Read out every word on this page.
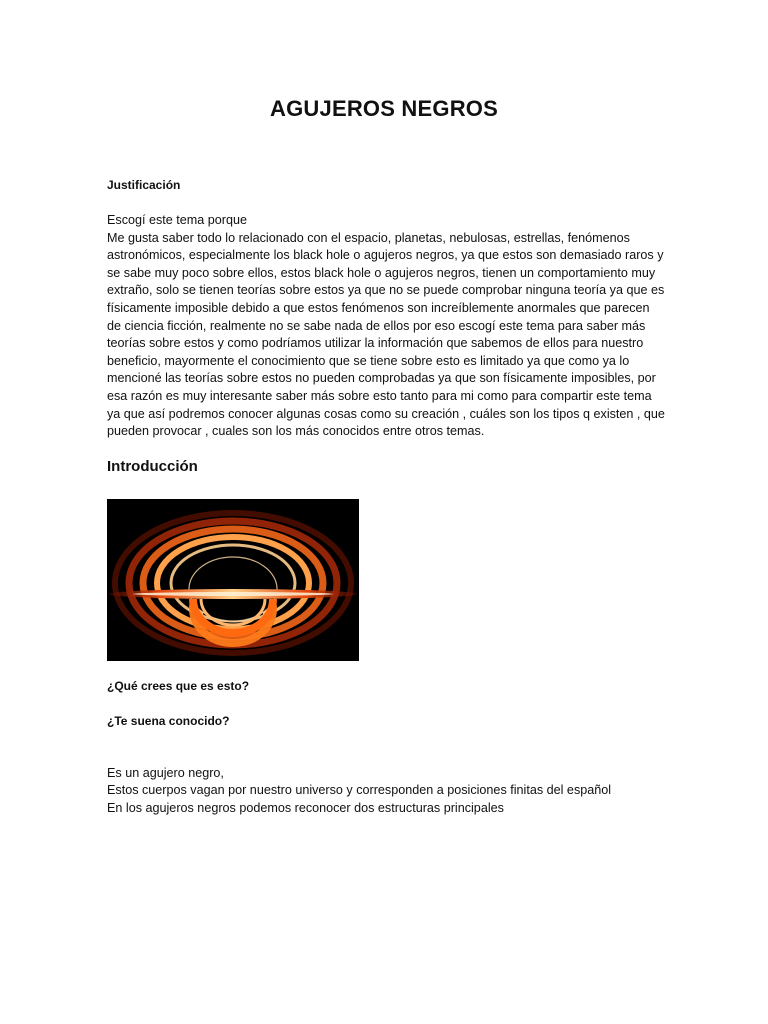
AGUJEROS NEGROS
Justificación
Escogí este tema porque
Me gusta saber todo lo relacionado con el espacio, planetas, nebulosas, estrellas, fenómenos
astronómicos, especialmente los black hole o agujeros negros, ya que estos son demasiado raros y
se sabe muy poco sobre ellos, estos black hole o agujeros negros, tienen un comportamiento muy
extraño, solo se tienen teorías sobre estos ya que no se puede comprobar ninguna teoría ya que es
físicamente imposible debido a que estos fenómenos son increíblemente anormales que parecen
de ciencia ficción, realmente no se sabe nada de ellos por eso escogí este tema para saber más
teorías sobre estos y como podríamos utilizar la información que sabemos de ellos para nuestro
beneficio, mayormente el conocimiento que se tiene sobre esto es limitado ya que como ya lo
mencioné las teorías sobre estos no pueden comprobadas ya que son físicamente imposibles, por
esa razón es muy interesante saber más sobre esto tanto para mi como para compartir este tema
ya que así podremos conocer algunas cosas como su creación , cuáles son los tipos q existen , que
pueden provocar , cuales son los más conocidos entre otros temas.
Introducción
¿Qué crees que es esto?
¿Te suena conocido?
Es un agujero negro,
Estos cuerpos vagan por nuestro universo y corresponden a posiciones finitas del español
En los agujeros negros podemos reconocer dos estructuras principales
